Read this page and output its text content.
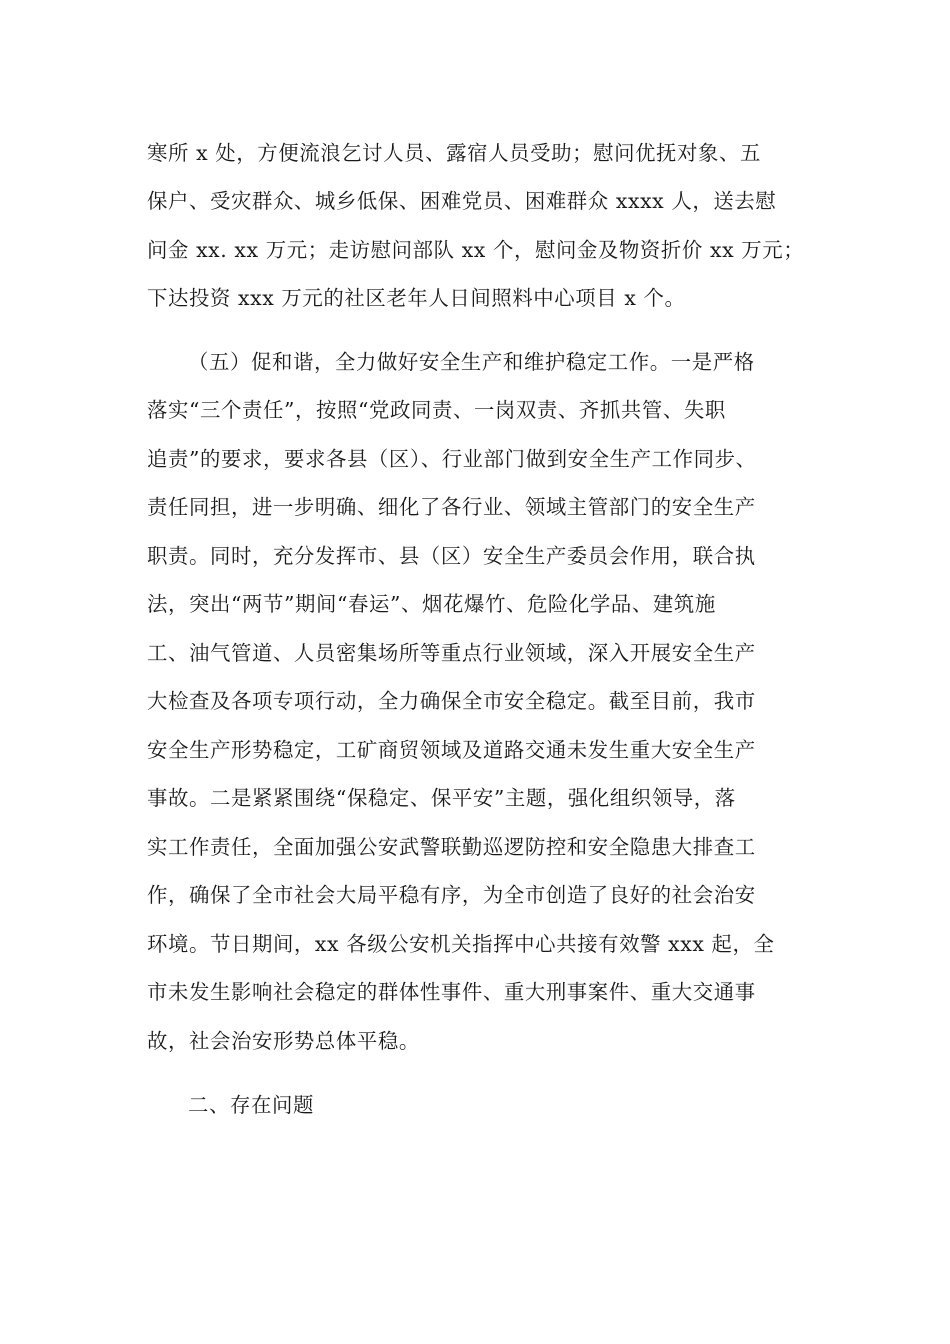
寒所 x 处，方便流浪乞讨人员、露宿人员受助；慰问优抚对象、五
保户、受灾群众、城乡低保、困难党员、困难群众 xxxx 人，送去慰
问金 xx. xx 万元；走访慰问部队 xx 个，慰问金及物资折价 xx 万元；
下达投资 xxx 万元的社区老年人日间照料中心项目 x 个。
（五）促和谐，全力做好安全生产和维护稳定工作。一是严格
落实“三个责任”，按照“党政同责、一岗双责、齐抓共管、失职
追责”的要求，要求各县（区）、行业部门做到安全生产工作同步、
责任同担，进一步明确、细化了各行业、领域主管部门的安全生产
职责。同时，充分发挥市、县（区）安全生产委员会作用，联合执
法，突出“两节”期间“春运”、烟花爆竹、危险化学品、建筑施
工、油气管道、人员密集场所等重点行业领域，深入开展安全生产
大检查及各项专项行动，全力确保全市安全稳定。截至目前，我市
安全生产形势稳定，工矿商贸领域及道路交通未发生重大安全生产
事故。二是紧紧围绕“保稳定、保平安”主题，强化组织领导，落
实工作责任，全面加强公安武警联勤巡逻防控和安全隐患大排查工
作，确保了全市社会大局平稳有序，为全市创造了良好的社会治安
环境。节日期间，xx 各级公安机关指挥中心共接有效警 xxx 起，全
市未发生影响社会稳定的群体性事件、重大刑事案件、重大交通事
故，社会治安形势总体平稳。
二、存在问题
